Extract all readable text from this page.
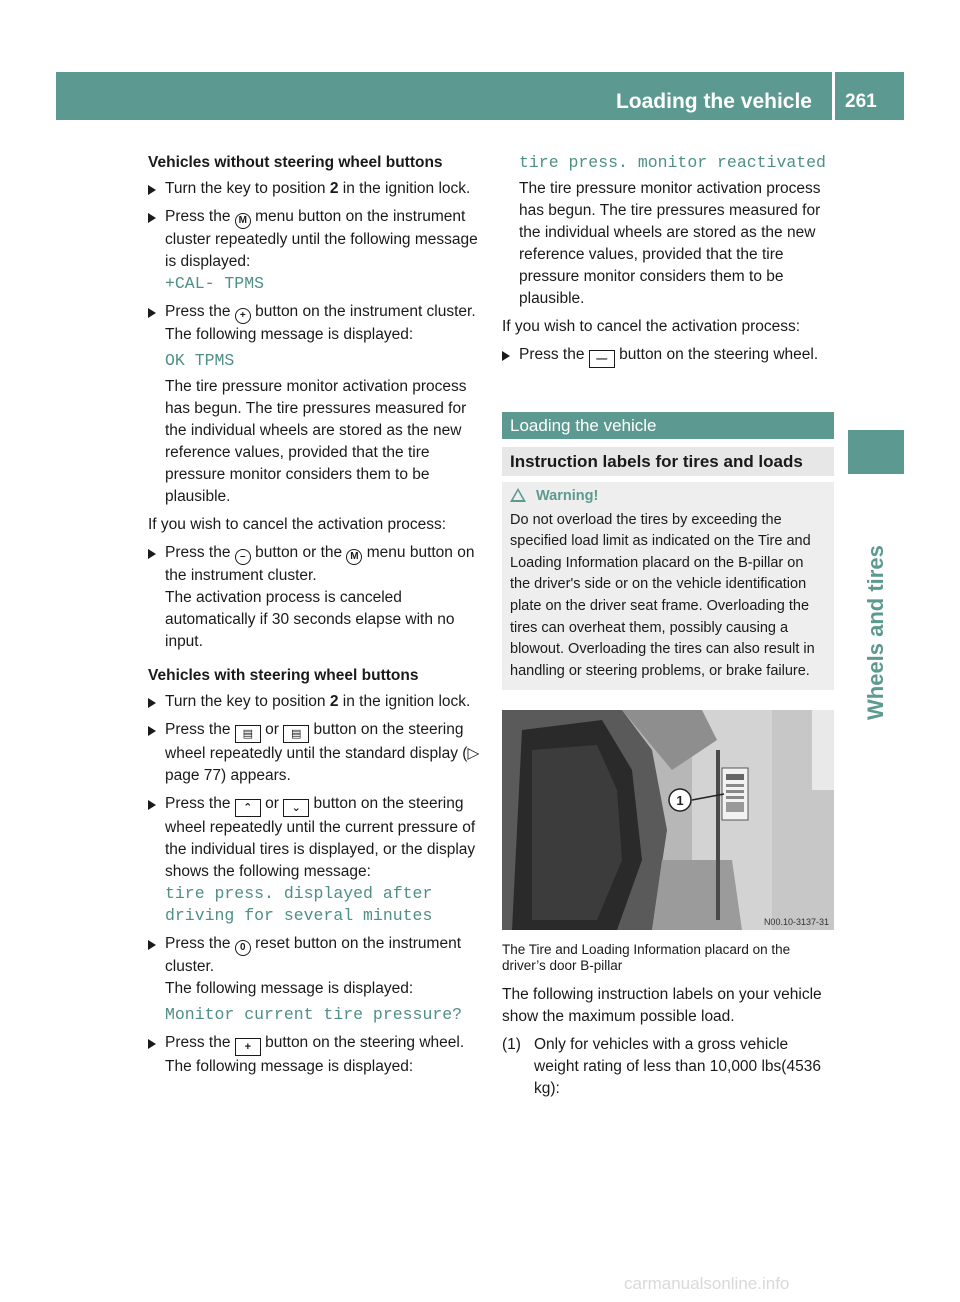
Loading the vehicle	261
Wheels and tires
Vehicles without steering wheel buttons
Turn the key to position 2 in the ignition lock.
Press the M menu button on the instrument cluster repeatedly until the following message is displayed:
+CAL- TPMS
Press the + button on the instrument cluster.
The following message is displayed:
OK TPMS
The tire pressure monitor activation process has begun. The tire pressures measured for the individual wheels are stored as the new reference values, provided that the tire pressure monitor considers them to be plausible.
If you wish to cancel the activation process:
Press the – button or the M menu button on the instrument cluster.
The activation process is canceled automatically if 30 seconds elapse with no input.
Vehicles with steering wheel buttons
Turn the key to position 2 in the ignition lock.
Press the ▤ or ▤ button on the steering wheel repeatedly until the standard display (▷ page 77) appears.
Press the ⌃ or ⌄ button on the steering wheel repeatedly until the current pressure of the individual tires is displayed, or the display shows the following message:
tire press. displayed after
driving for several minutes
Press the 0 reset button on the instrument cluster.
The following message is displayed:
Monitor current tire pressure?
Press the + button on the steering wheel.
The following message is displayed:
tire press. monitor reactivated
The tire pressure monitor activation process has begun. The tire pressures measured for the individual wheels are stored as the new reference values, provided that the tire pressure monitor considers them to be plausible.
If you wish to cancel the activation process:
Press the — button on the steering wheel.
Loading the vehicle
Instruction labels for tires and loads
Warning!
Do not overload the tires by exceeding the specified load limit as indicated on the Tire and Loading Information placard on the B-pillar on the driver's side or on the vehicle identification plate on the driver seat frame. Overloading the tires can overheat them, possibly causing a blowout. Overloading the tires can also result in handling or steering problems, or brake failure.
1
N00.10-3137-31
The Tire and Loading Information placard on the driver’s door B-pillar
The following instruction labels on your vehicle show the maximum possible load.
(1) Only for vehicles with a gross vehicle weight rating of less than 10,000 lbs(4536 kg):
carmanualsonline.info
